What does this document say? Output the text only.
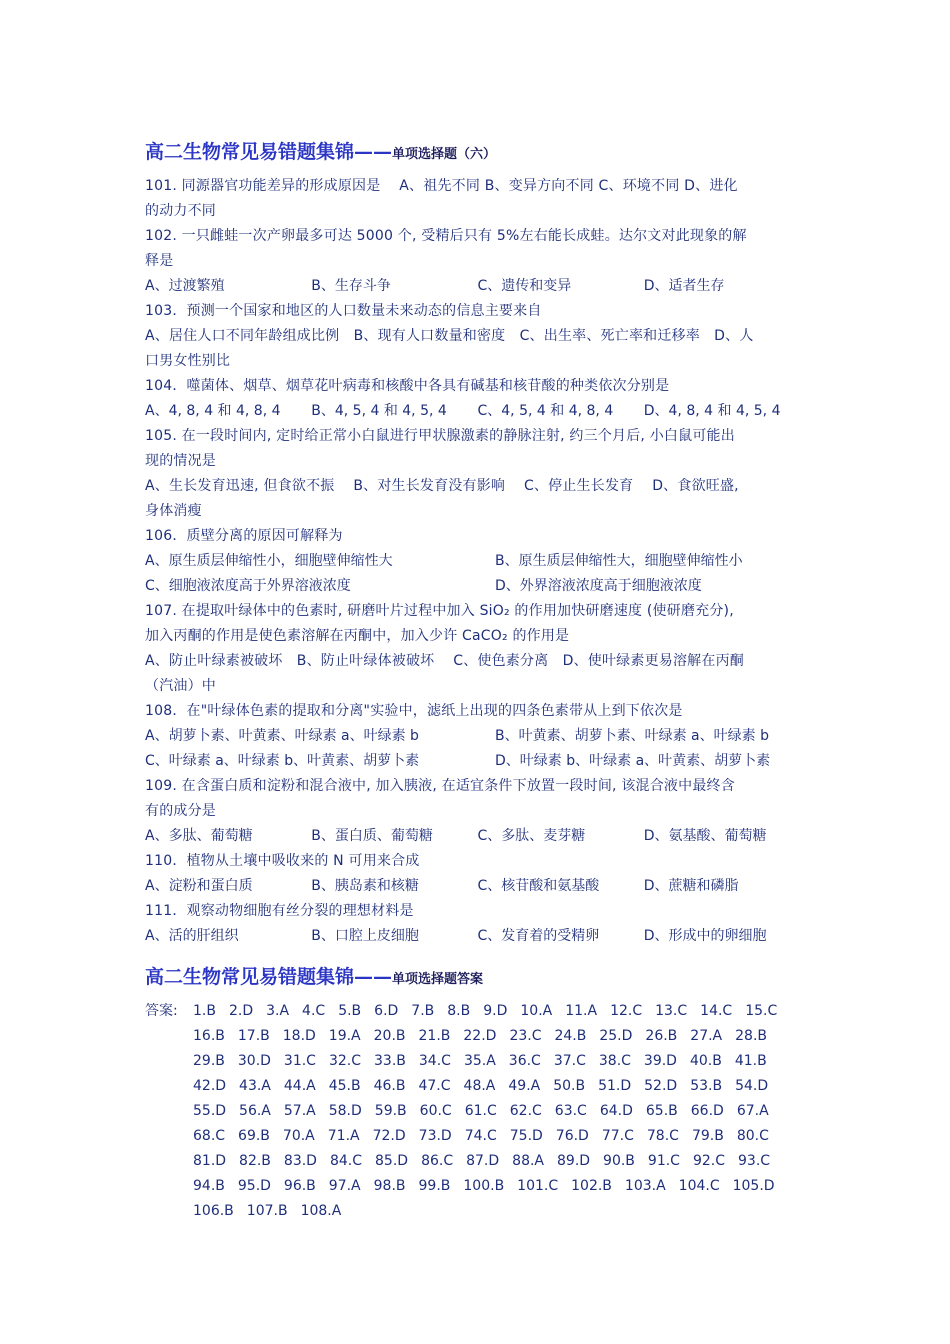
高二生物常见易错题集锦——单项选择题（六）
101. 同源器官功能差异的形成原因是　 A、祖先不同 B、变异方向不同 C、环境不同 D、进化
的动力不同
102. 一只雌蛙一次产卵最多可达 5000 个, 受精后只有 5%左右能长成蛙。达尔文对此现象的解
释是
A、过渡繁殖	B、生存斗争	C、遗传和变异	D、适者生存
103．预测一个国家和地区的人口数量未来动态的信息主要来自
A、居住人口不同年龄组成比例　B、现有人口数量和密度　C、出生率、死亡率和迁移率　D、人
口男女性别比
104．噬菌体、烟草、烟草花叶病毒和核酸中各具有碱基和核苷酸的种类依次分别是
A、4, 8, 4 和 4, 8, 4	B、4, 5, 4 和 4, 5, 4	C、4, 5, 4 和 4, 8, 4	D、4, 8, 4 和 4, 5, 4
105. 在一段时间内, 定时给正常小白鼠进行甲状腺激素的静脉注射, 约三个月后, 小白鼠可能出
现的情况是
A、生长发育迅速, 但食欲不振　 B、对生长发育没有影响　 C、停止生长发育　 D、食欲旺盛,
身体消瘦
106．质壁分离的原因可解释为
A、原生质层伸缩性小，细胞壁伸缩性大	B、原生质层伸缩性大，细胞壁伸缩性小
C、细胞液浓度高于外界溶液浓度	D、外界溶液浓度高于细胞液浓度
107. 在提取叶绿体中的色素时, 研磨叶片过程中加入 SiO₂ 的作用加快研磨速度 (使研磨充分),
加入丙酮的作用是使色素溶解在丙酮中，加入少许 CaCO₂ 的作用是
A、防止叶绿素被破坏　B、防止叶绿体被破坏　 C、使色素分离　D、使叶绿素更易溶解在丙酮
（汽油）中
108．在"叶绿体色素的提取和分离"实验中，滤纸上出现的四条色素带从上到下依次是
A、胡萝卜素、叶黄素、叶绿素 a、叶绿素 b	B、叶黄素、胡萝卜素、叶绿素 a、叶绿素 b
C、叶绿素 a、叶绿素 b、叶黄素、胡萝卜素	D、叶绿素 b、叶绿素 a、叶黄素、胡萝卜素
109. 在含蛋白质和淀粉和混合液中, 加入胰液, 在适宜条件下放置一段时间, 该混合液中最终含
有的成分是
A、多肽、葡萄糖	B、蛋白质、葡萄糖	C、多肽、麦芽糖	D、氨基酸、葡萄糖
110．植物从土壤中吸收来的 N 可用来合成
A、淀粉和蛋白质	B、胰岛素和核糖	C、核苷酸和氨基酸	D、蔗糖和磷脂
111．观察动物细胞有丝分裂的理想材料是
A、活的肝组织	B、口腔上皮细胞	C、发育着的受精卵	D、形成中的卵细胞
高二生物常见易错题集锦——单项选择题答案
答案:	1.B 2.D 3.A 4.C 5.B 6.D 7.B 8.B 9.D 10.A 11.A 12.C 13.C 14.C 15.C
16.B 17.B 18.D 19.A 20.B 21.B 22.D 23.C 24.B 25.D 26.B 27.A 28.B
29.B 30.D 31.C 32.C 33.B 34.C 35.A 36.C 37.C 38.C 39.D 40.B 41.B
42.D 43.A 44.A 45.B 46.B 47.C 48.A 49.A 50.B 51.D 52.D 53.B 54.D
55.D 56.A 57.A 58.D 59.B 60.C 61.C 62.C 63.C 64.D 65.B 66.D 67.A
68.C 69.B 70.A 71.A 72.D 73.D 74.C 75.D 76.D 77.C 78.C 79.B 80.C
81.D 82.B 83.D 84.C 85.D 86.C 87.D 88.A 89.D 90.B 91.C 92.C 93.C
94.B 95.D 96.B 97.A 98.B 99.B 100.B 101.C 102.B 103.A 104.C 105.D
106.B 107.B 108.A
